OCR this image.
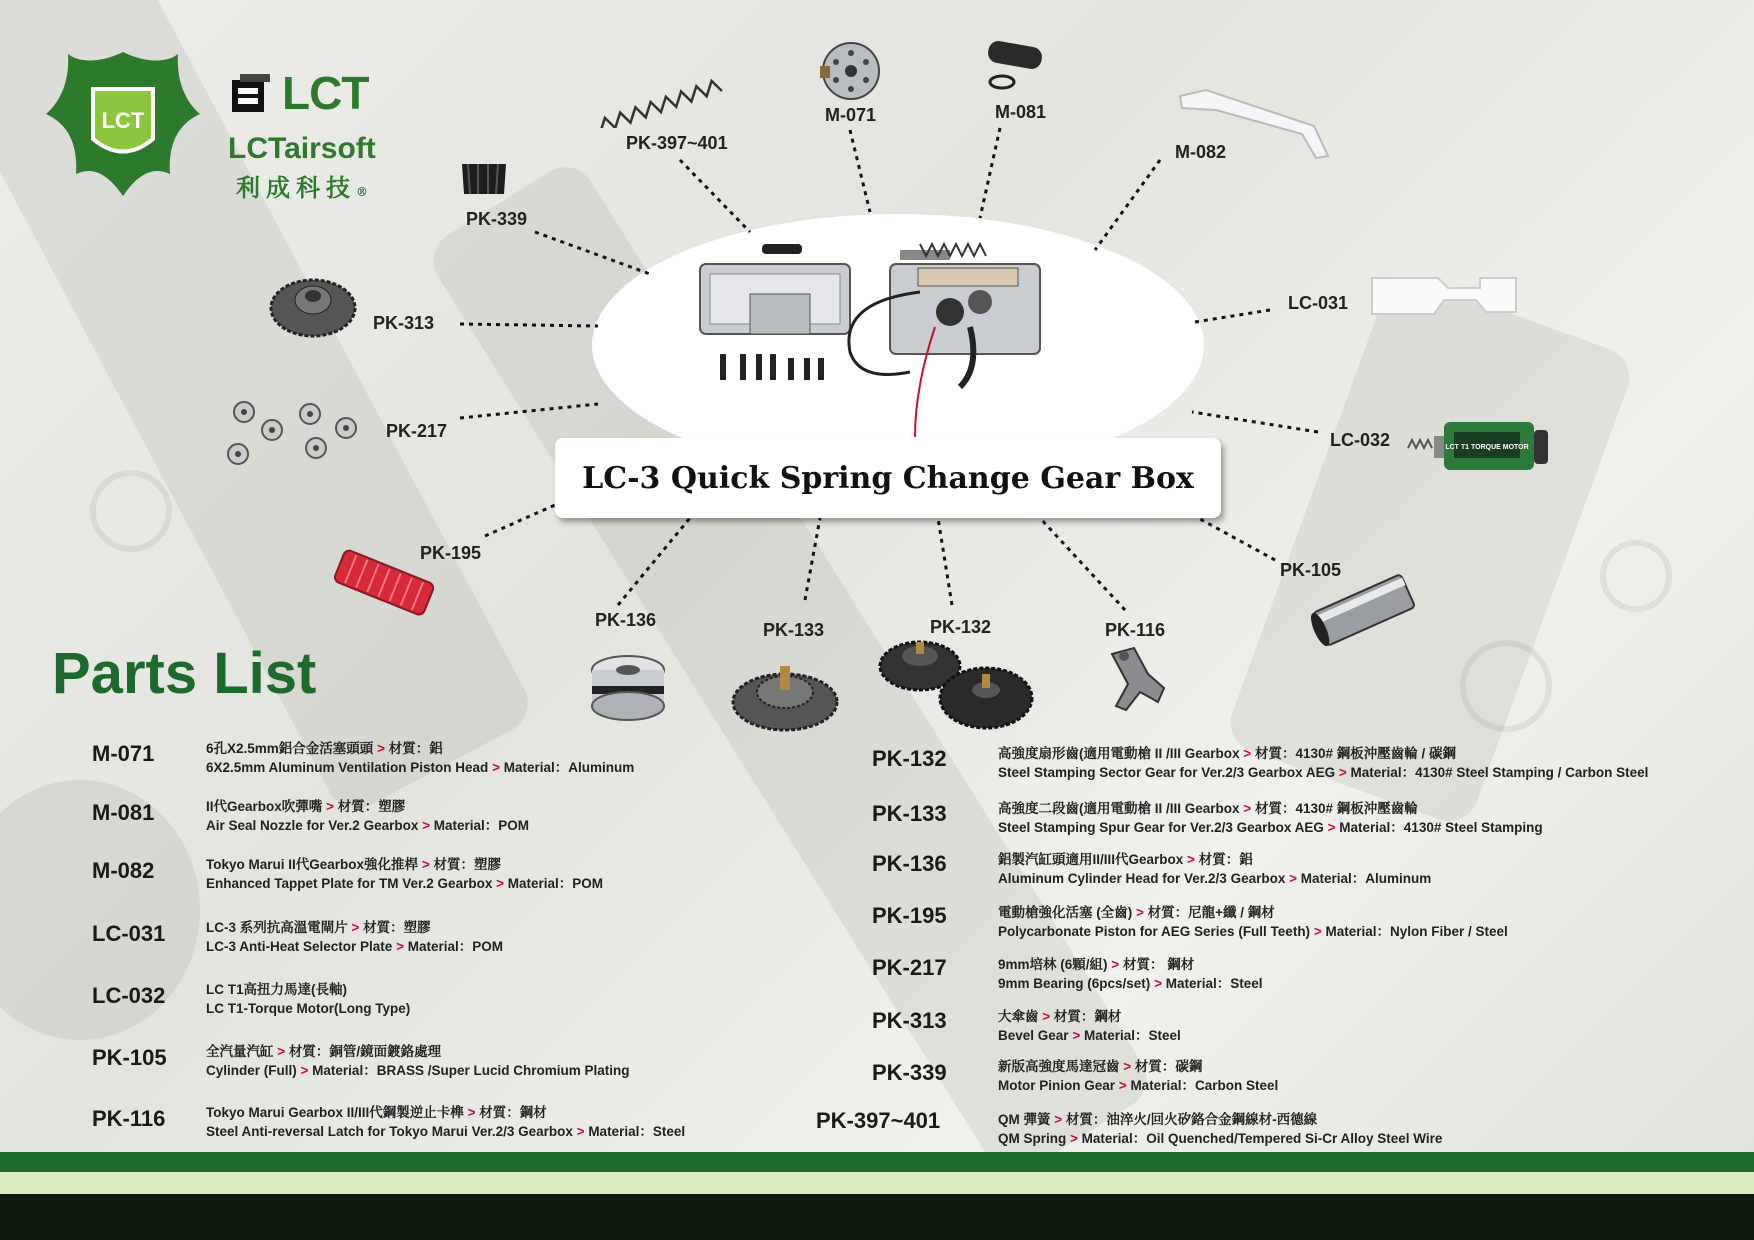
LCT
LCT
LCTairsoft
利成科技®
LC-3 Quick Spring Change Gear Box
LCT T1 TORQUE MOTOR
PK-397~401
M-071	M-081
M-082
PK-339
PK-313
PK-217
PK-195
LC-031
LC-032
PK-105
PK-136	PK-133	PK-132	PK-116
Parts List
M-071	6孔X2.5mm鋁合金活塞頭頭 > 材質：鋁
6X2.5mm Aluminum Ventilation Piston Head > Material：Aluminum
M-081	II代Gearbox吹彈嘴 > 材質：塑膠
Air Seal Nozzle for Ver.2 Gearbox > Material：POM
M-082	Tokyo Marui II代Gearbox強化推桿 > 材質：塑膠
Enhanced Tappet Plate for TM Ver.2 Gearbox > Material：POM
LC-031	LC-3 系列抗高溫電閘片 > 材質：塑膠
LC-3 Anti-Heat Selector Plate > Material：POM
LC-032	LC T1高扭力馬達(長軸)
LC T1-Torque Motor(Long Type)
PK-105	全汽量汽缸 > 材質：銅管/鏡面鍍鉻處理
Cylinder (Full) > Material：BRASS /Super Lucid Chromium Plating
PK-116	Tokyo Marui Gearbox II/III代鋼製逆止卡榫 > 材質：鋼材
Steel Anti-reversal Latch for Tokyo Marui Ver.2/3 Gearbox > Material：Steel
PK-132	高強度扇形齒(適用電動槍 II /III Gearbox > 材質：4130# 鋼板沖壓齒輪 / 碳鋼
Steel Stamping Sector Gear for Ver.2/3 Gearbox AEG > Material：4130# Steel Stamping / Carbon Steel
PK-133	高強度二段齒(適用電動槍 II /III Gearbox > 材質：4130# 鋼板沖壓齒輪
Steel Stamping Spur Gear for Ver.2/3 Gearbox AEG > Material：4130# Steel Stamping
PK-136	鋁製汽缸頭適用II/III代Gearbox > 材質：鋁
Aluminum Cylinder Head for Ver.2/3 Gearbox > Material：Aluminum
PK-195	電動槍強化活塞 (全齒) > 材質：尼龍+纖 / 鋼材
Polycarbonate Piston for AEG Series (Full Teeth) > Material：Nylon Fiber / Steel
PK-217	9mm培林 (6顆/組) > 材質： 鋼材
9mm Bearing (6pcs/set) > Material：Steel
PK-313	大傘齒 > 材質：鋼材
Bevel Gear > Material：Steel
PK-339	新版高強度馬達冠齒 > 材質：碳鋼
Motor Pinion Gear > Material：Carbon Steel
PK-397~401	QM 彈簧 > 材質：油淬火/回火矽鉻合金鋼線材-西德線
QM Spring > Material：Oil Quenched/Tempered Si-Cr Alloy Steel Wire
